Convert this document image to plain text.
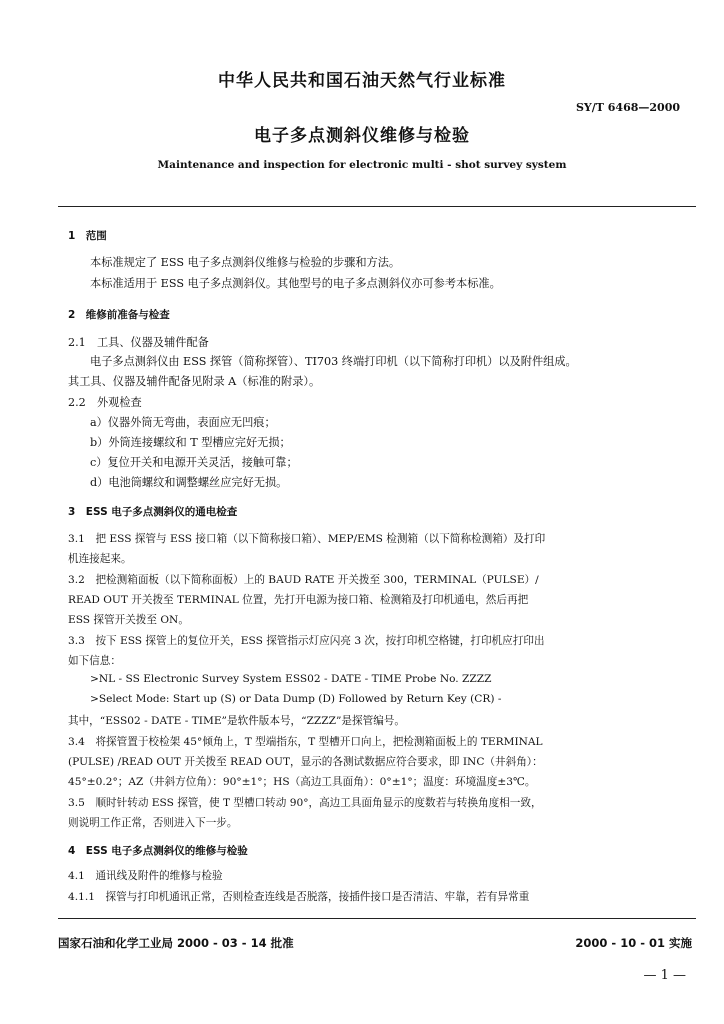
中华人民共和国石油天然气行业标准
SY/T 6468—2000
电子多点测斜仪维修与检验
Maintenance and inspection for electronic multi - shot survey system
1　范围
本标准规定了 ESS 电子多点测斜仪维修与检验的步骤和方法。
本标准适用于 ESS 电子多点测斜仪。其他型号的电子多点测斜仪亦可参考本标准。
2　维修前准备与检查
2.1　工具、仪器及辅件配备
电子多点测斜仪由 ESS 探管（简称探管）、TI703 终端打印机（以下简称打印机）以及附件组成。
其工具、仪器及辅件配备见附录 A（标准的附录）。
2.2　外观检查
a）仪器外筒无弯曲，表面应无凹痕；
b）外筒连接螺纹和 T 型槽应完好无损；
c）复位开关和电源开关灵活，接触可靠；
d）电池筒螺纹和调整螺丝应完好无损。
3　ESS 电子多点测斜仪的通电检查
3.1　把 ESS 探管与 ESS 接口箱（以下简称接口箱）、MEP/EMS 检测箱（以下简称检测箱）及打印
机连接起来。
3.2　把检测箱面板（以下简称面板）上的 BAUD RATE 开关拨至 300，TERMINAL（PULSE）/
READ OUT 开关拨至 TERMINAL 位置，先打开电源为接口箱、检测箱及打印机通电，然后再把
ESS 探管开关拨至 ON。
3.3　按下 ESS 探管上的复位开关，ESS 探管指示灯应闪亮 3 次，按打印机空格键，打印机应打印出
如下信息：
>NL - SS Electronic Survey System ESS02 - DATE - TIME Probe No. ZZZZ
>Select Mode: Start up (S) or Data Dump (D) Followed by Return Key (CR) -
其中，“ESS02 - DATE - TIME”是软件版本号，“ZZZZ”是探管编号。
3.4　将探管置于校检架 45°倾角上，T 型端指东，T 型槽开口向上，把检测箱面板上的 TERMINAL
(PULSE) /READ OUT 开关拨至 READ OUT，显示的各测试数据应符合要求，即 INC（井斜角）：
45°±0.2°；AZ（井斜方位角）：90°±1°；HS（高边工具面角）：0°±1°；温度：环境温度±3℃。
3.5　顺时针转动 ESS 探管，使 T 型槽口转动 90°，高边工具面角显示的度数若与转换角度相一致，
则说明工作正常，否则进入下一步。
4　ESS 电子多点测斜仪的维修与检验
4.1　通讯线及附件的维修与检验
4.1.1　探管与打印机通讯正常，否则检查连线是否脱落，接插件接口是否清洁、牢靠，若有异常重
国家石油和化学工业局 2000 - 03 - 14 批准	2000 - 10 - 01 实施
— 1 —
